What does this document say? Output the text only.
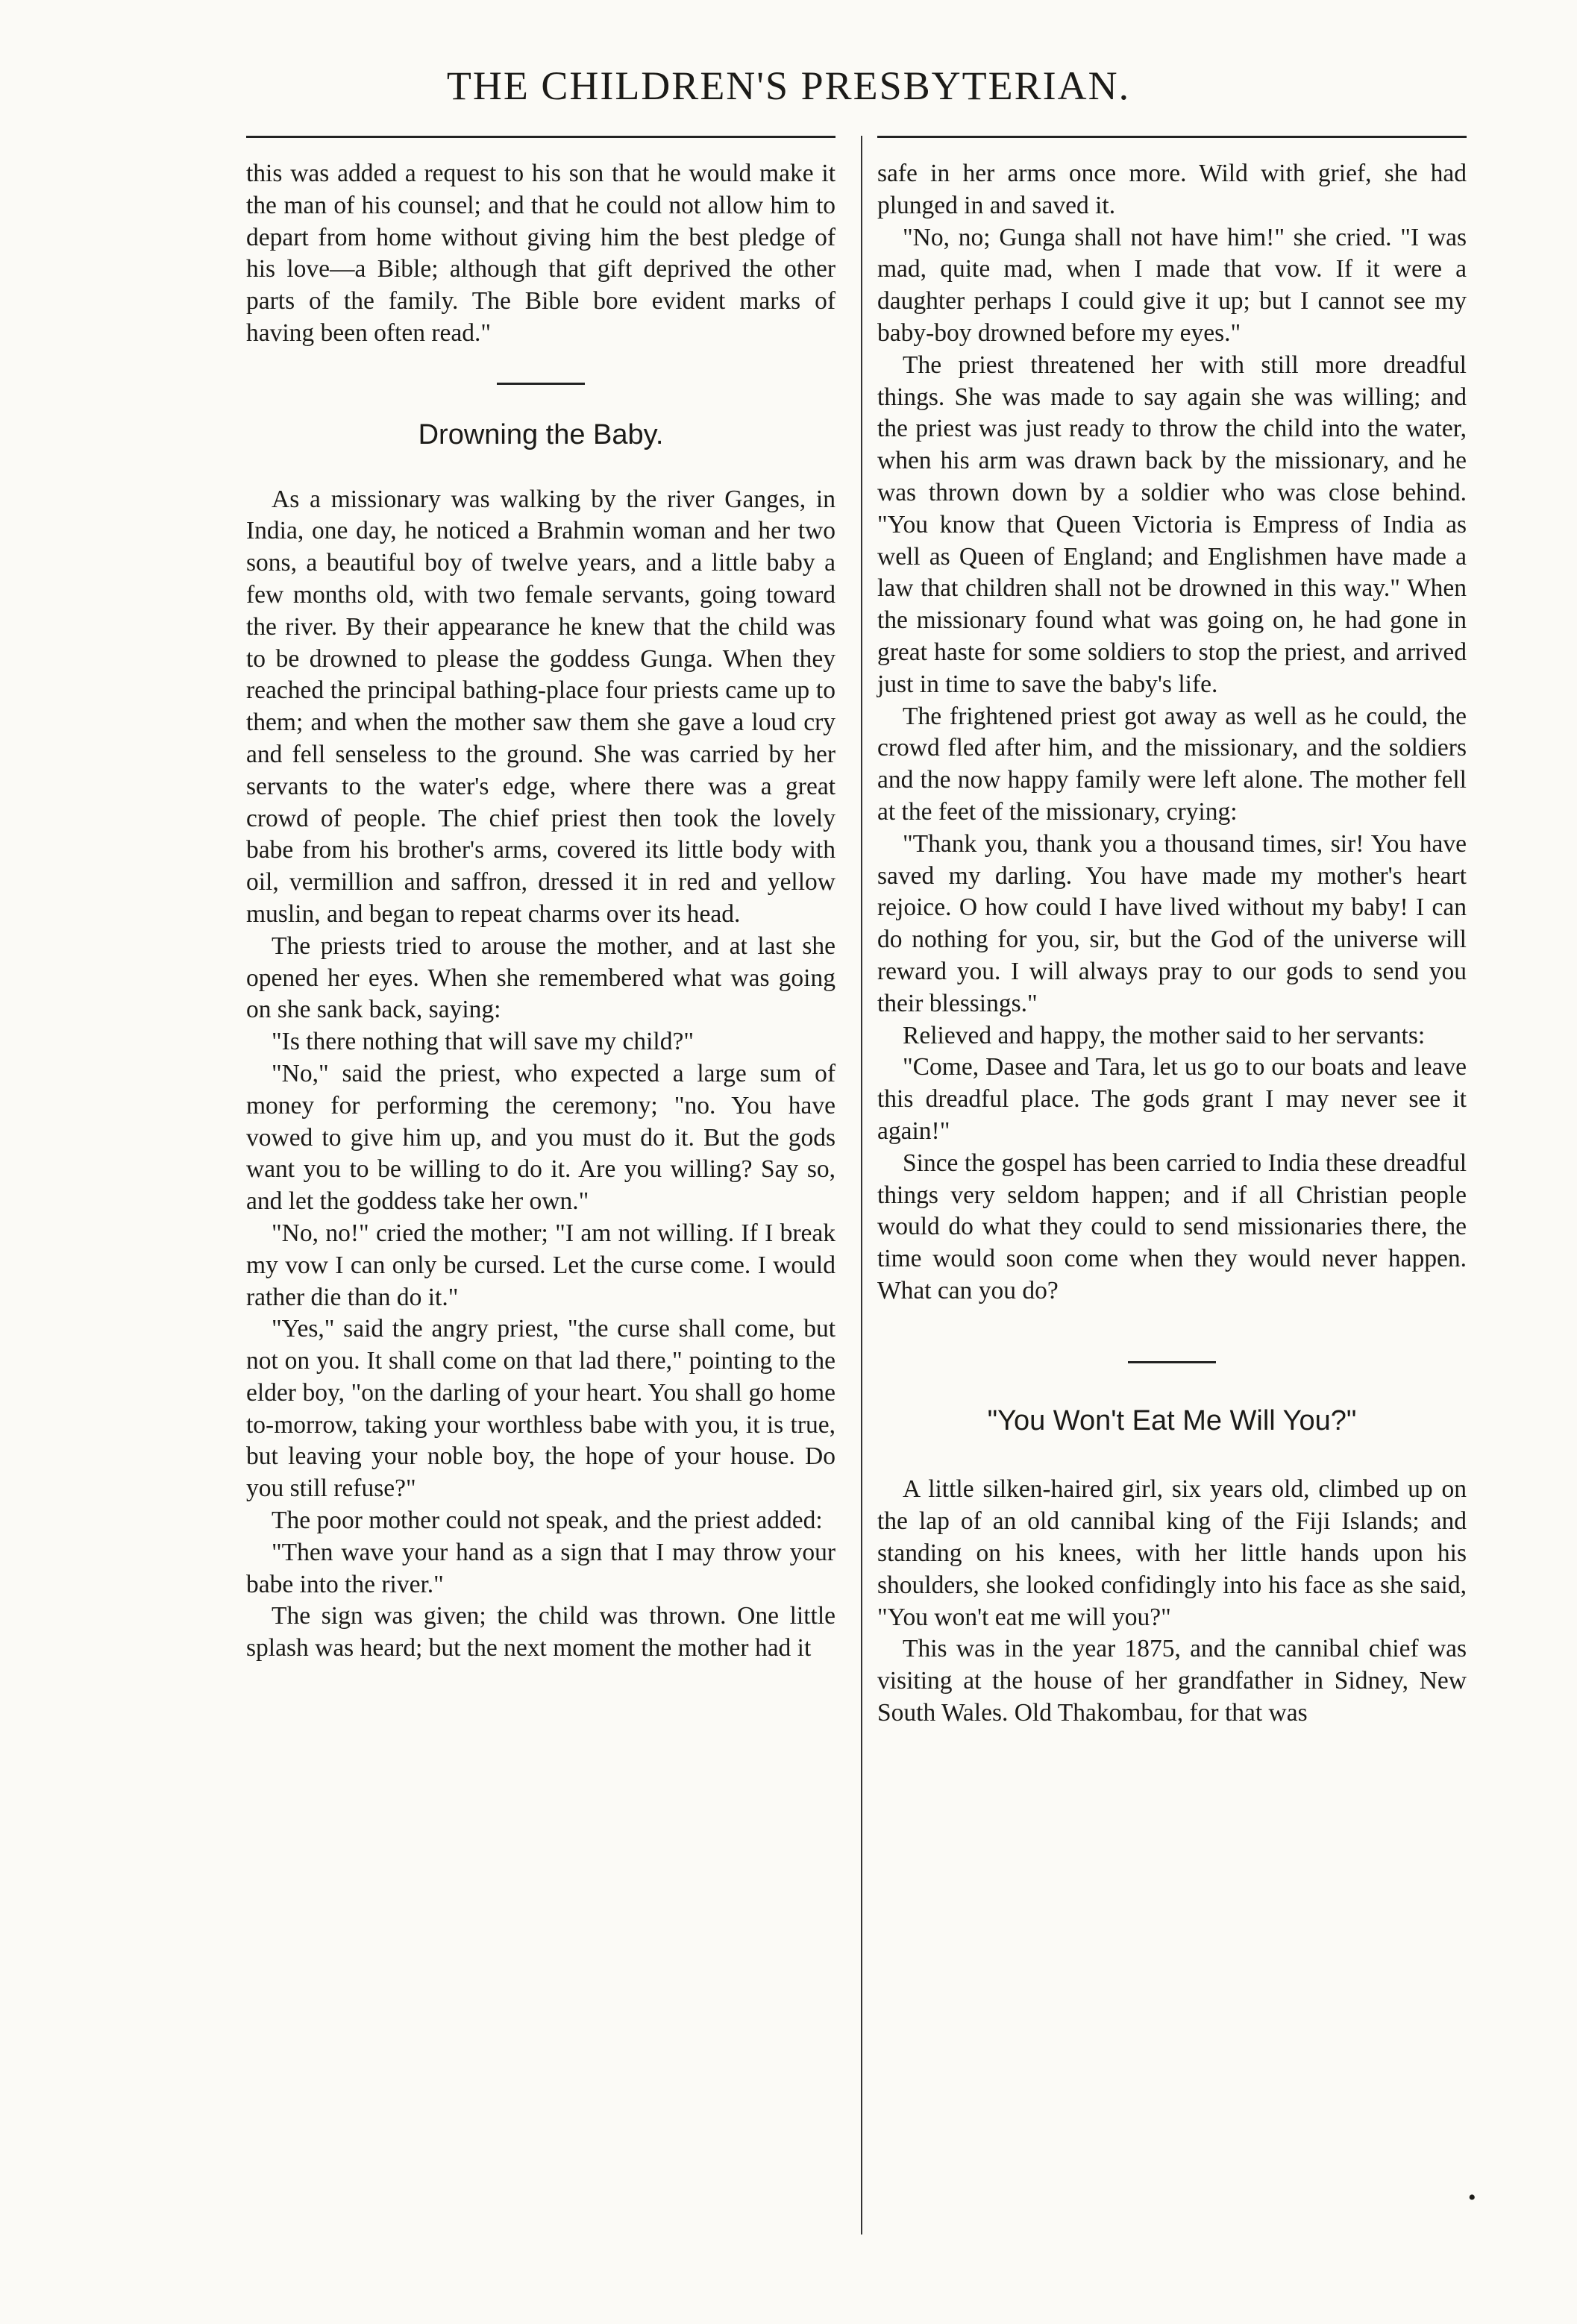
THE CHILDREN'S PRESBYTERIAN.

this was added a request to his son that he would make it the man of his counsel; and that he could not allow him to depart from home without giving him the best pledge of his love—a Bible; although that gift deprived the other parts of the family. The Bible bore evident marks of having been often read."

Drowning the Baby.

As a missionary was walking by the river Ganges, in India, one day, he noticed a Brahmin woman and her two sons, a beautiful boy of twelve years, and a little baby a few months old, with two female servants, going toward the river. By their appearance he knew that the child was to be drowned to please the goddess Gunga. When they reached the principal bathing-place four priests came up to them; and when the mother saw them she gave a loud cry and fell senseless to the ground. She was carried by her servants to the water's edge, where there was a great crowd of people. The chief priest then took the lovely babe from his brother's arms, covered its little body with oil, vermillion and saffron, dressed it in red and yellow muslin, and began to repeat charms over its head.

The priests tried to arouse the mother, and at last she opened her eyes. When she remembered what was going on she sank back, saying:

"Is there nothing that will save my child?"

"No," said the priest, who expected a large sum of money for performing the ceremony; "no. You have vowed to give him up, and you must do it. But the gods want you to be willing to do it. Are you willing? Say so, and let the goddess take her own."

"No, no!" cried the mother; "I am not willing. If I break my vow I can only be cursed. Let the curse come. I would rather die than do it."

"Yes," said the angry priest, "the curse shall come, but not on you. It shall come on that lad there," pointing to the elder boy, "on the darling of your heart. You shall go home to-morrow, taking your worthless babe with you, it is true, but leaving your noble boy, the hope of your house. Do you still refuse?"

The poor mother could not speak, and the priest added:

"Then wave your hand as a sign that I may throw your babe into the river."

The sign was given; the child was thrown. One little splash was heard; but the next moment the mother had it

safe in her arms once more. Wild with grief, she had plunged in and saved it.

"No, no; Gunga shall not have him!" she cried. "I was mad, quite mad, when I made that vow. If it were a daughter perhaps I could give it up; but I cannot see my baby-boy drowned before my eyes."

The priest threatened her with still more dreadful things. She was made to say again she was willing; and the priest was just ready to throw the child into the water, when his arm was drawn back by the missionary, and he was thrown down by a soldier who was close behind. "You know that Queen Victoria is Empress of India as well as Queen of England; and Englishmen have made a law that children shall not be drowned in this way." When the missionary found what was going on, he had gone in great haste for some soldiers to stop the priest, and arrived just in time to save the baby's life.

The frightened priest got away as well as he could, the crowd fled after him, and the missionary, and the soldiers and the now happy family were left alone. The mother fell at the feet of the missionary, crying:

"Thank you, thank you a thousand times, sir! You have saved my darling. You have made my mother's heart rejoice. O how could I have lived without my baby! I can do nothing for you, sir, but the God of the universe will reward you. I will always pray to our gods to send you their blessings."

Relieved and happy, the mother said to her servants:

"Come, Dasee and Tara, let us go to our boats and leave this dreadful place. The gods grant I may never see it again!"

Since the gospel has been carried to India these dreadful things very seldom happen; and if all Christian people would do what they could to send missionaries there, the time would soon come when they would never happen. What can you do?

"You Won't Eat Me Will You?"

A little silken-haired girl, six years old, climbed up on the lap of an old cannibal king of the Fiji Islands; and standing on his knees, with her little hands upon his shoulders, she looked confidingly into his face as she said, "You won't eat me will you?"

This was in the year 1875, and the cannibal chief was visiting at the house of her grandfather in Sidney, New South Wales. Old Thakombau, for that was

•
